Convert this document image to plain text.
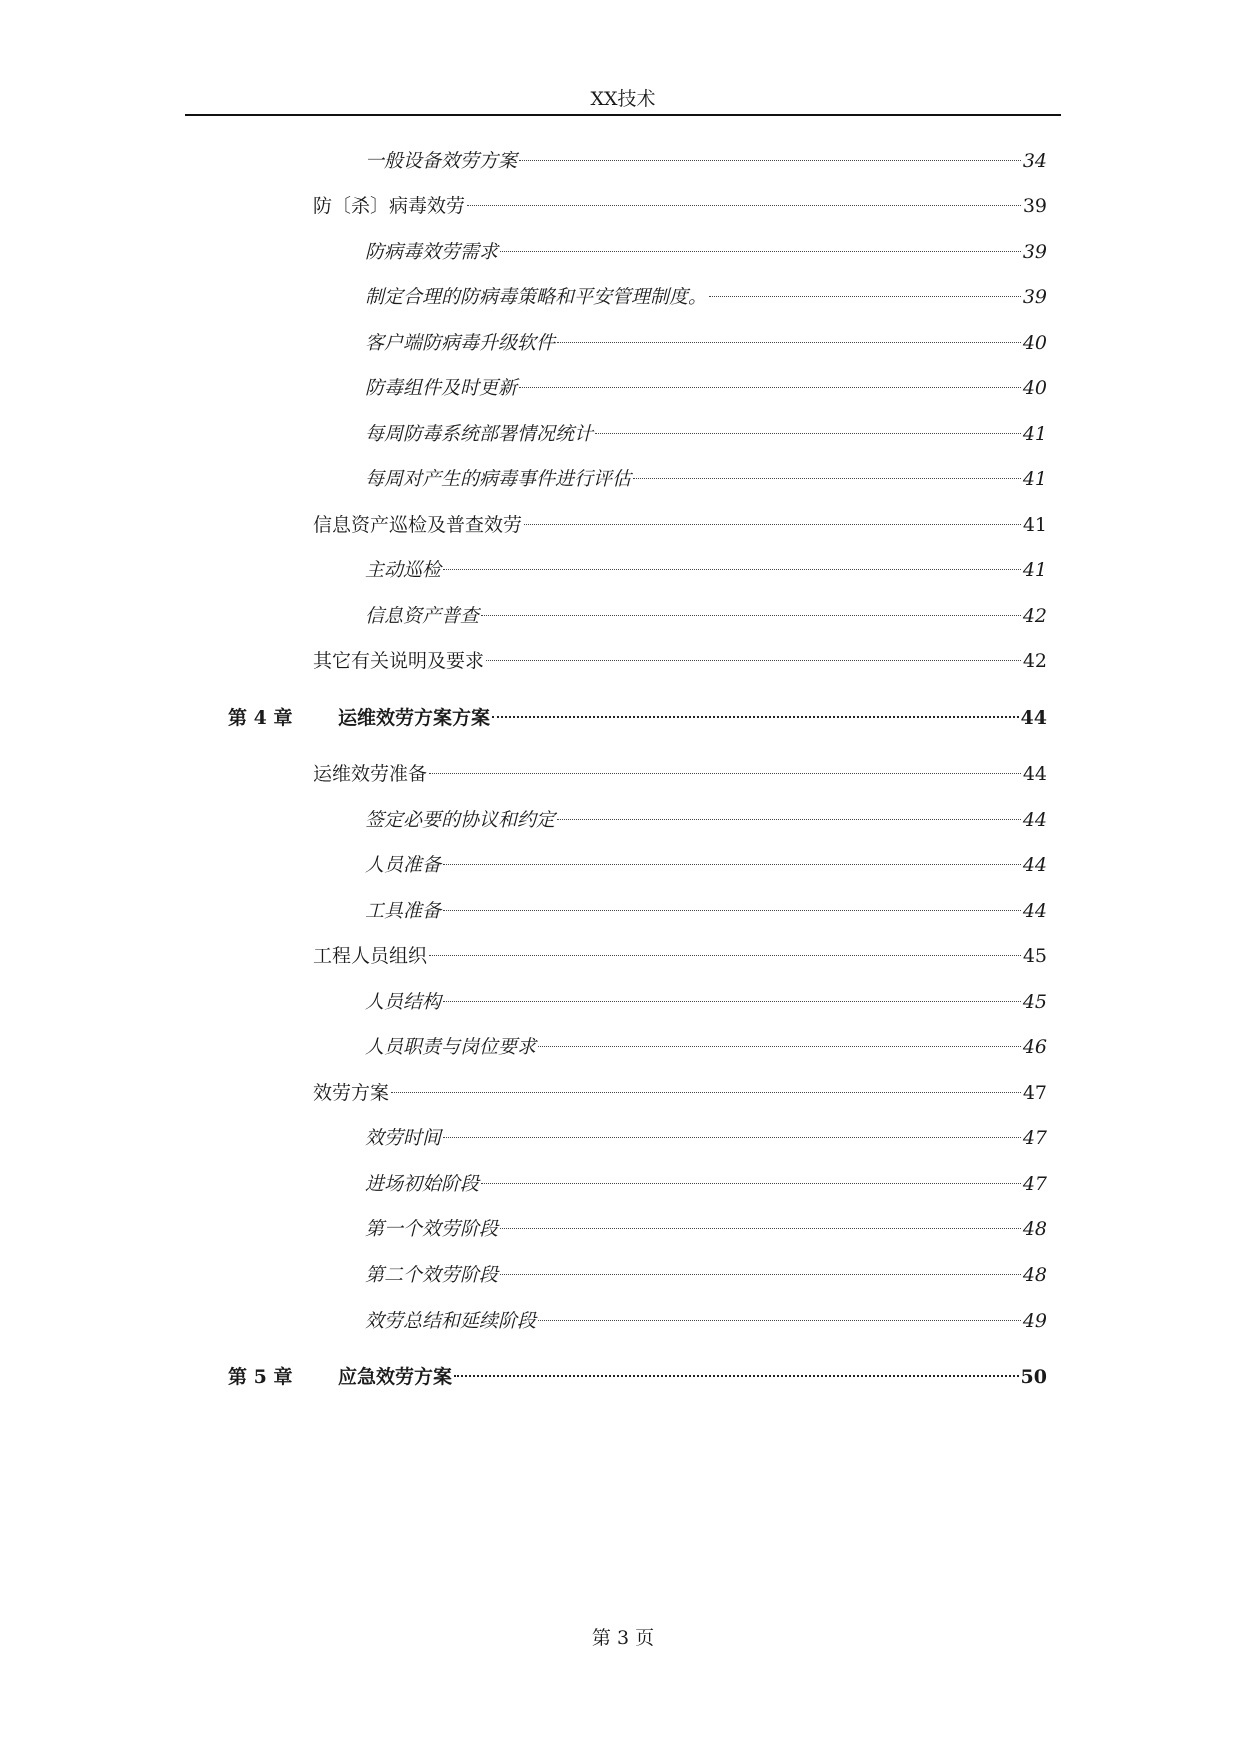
XX技术
一般设备效劳方案	34
防〔杀〕病毒效劳	39
防病毒效劳需求	39
制定合理的防病毒策略和平安管理制度。	39
客户端防病毒升级软件	40
防毒组件及时更新	40
每周防毒系统部署情况统计	41
每周对产生的病毒事件进行评估	41
信息资产巡检及普查效劳	41
主动巡检	41
信息资产普查	42
其它有关说明及要求	42
第 4 章	运维效劳方案方案	44
运维效劳准备	44
签定必要的协议和约定	44
人员准备	44
工具准备	44
工程人员组织	45
人员结构	45
人员职责与岗位要求	46
效劳方案	47
效劳时间	47
进场初始阶段	47
第一个效劳阶段	48
第二个效劳阶段	48
效劳总结和延续阶段	49
第 5 章	应急效劳方案	50
第 3 页
